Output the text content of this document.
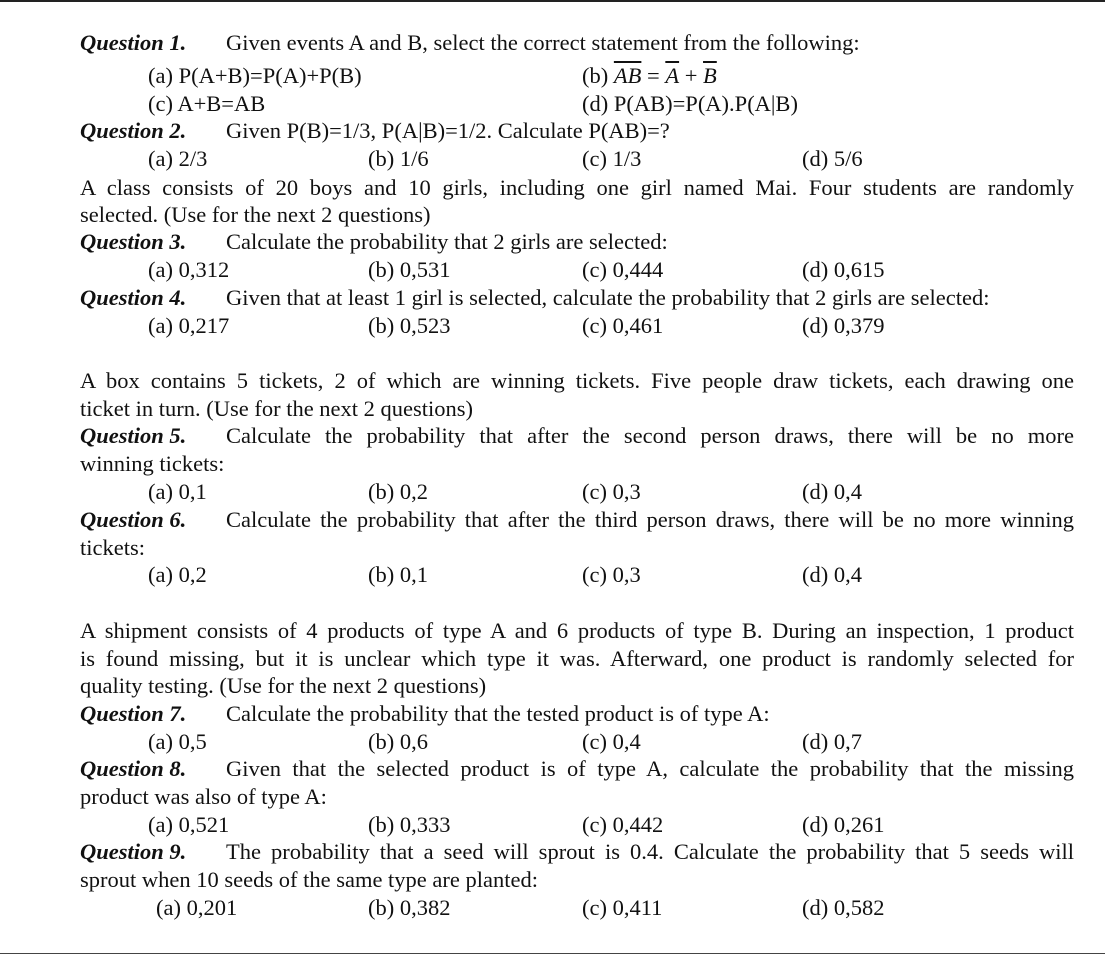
Question 1. Given events A and B, select the correct statement from the following:
(a) P(A+B)=P(A)+P(B)	(b) $\overline{AB} = \overline{A} + \overline{B}$
(c) A+B=AB	(d) P(AB)=P(A).P(A|B)
Question 2. Given P(B)=1/3, P(A|B)=1/2. Calculate P(AB)=?
(a) 2/3	(b) 1/6	(c) 1/3	(d) 5/6
A class consists of 20 boys and 10 girls, including one girl named Mai. Four students are randomly
selected. (Use for the next 2 questions)
Question 3. Calculate the probability that 2 girls are selected:
(a) 0,312	(b) 0,531	(c) 0,444	(d) 0,615
Question 4. Given that at least 1 girl is selected, calculate the probability that 2 girls are selected:
(a) 0,217	(b) 0,523	(c) 0,461	(d) 0,379
A box contains 5 tickets, 2 of which are winning tickets. Five people draw tickets, each drawing one
ticket in turn. (Use for the next 2 questions)
Question 5. Calculate the probability that after the second person draws, there will be no more
winning tickets:
(a) 0,1	(b) 0,2	(c) 0,3	(d) 0,4
Question 6. Calculate the probability that after the third person draws, there will be no more winning
tickets:
(a) 0,2	(b) 0,1	(c) 0,3	(d) 0,4
A shipment consists of 4 products of type A and 6 products of type B. During an inspection, 1 product
is found missing, but it is unclear which type it was. Afterward, one product is randomly selected for
quality testing. (Use for the next 2 questions)
Question 7. Calculate the probability that the tested product is of type A:
(a) 0,5	(b) 0,6	(c) 0,4	(d) 0,7
Question 8. Given that the selected product is of type A, calculate the probability that the missing
product was also of type A:
(a) 0,521	(b) 0,333	(c) 0,442	(d) 0,261
Question 9. The probability that a seed will sprout is 0.4. Calculate the probability that 5 seeds will
sprout when 10 seeds of the same type are planted:
(a) 0,201	(b) 0,382	(c) 0,411	(d) 0,582
